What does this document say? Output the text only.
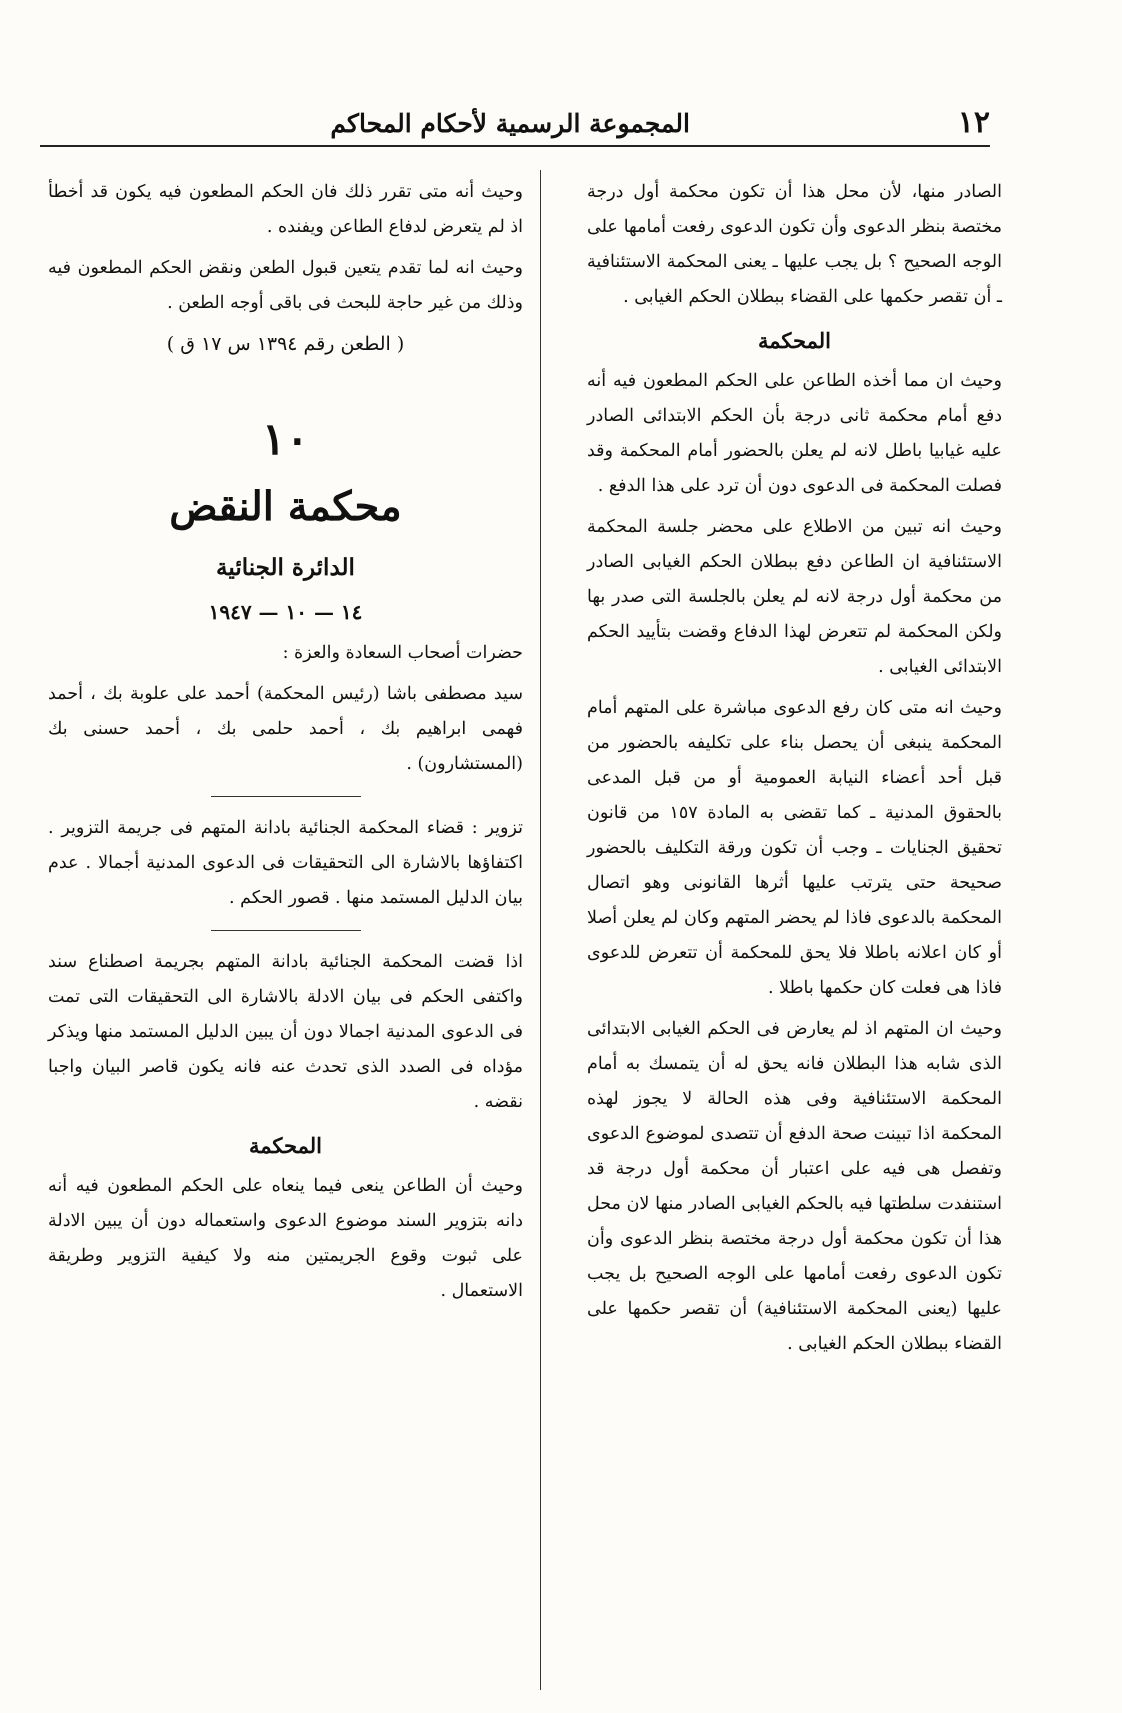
١٢
المجموعة الرسمية لأحكام المحاكم

الصادر منها، لأن محل هذا أن تكون محكمة أول درجة مختصة بنظر الدعوى وأن تكون الدعوى رفعت أمامها على الوجه الصحيح ؟ بل يجب عليها ـ يعنى المحكمة الاستئنافية ـ أن تقصر حكمها على القضاء ببطلان الحكم الغيابى .

المحكمة

وحيث ان مما أخذه الطاعن على الحكم المطعون فيه أنه دفع أمام محكمة ثانى درجة بأن الحكم الابتدائى الصادر عليه غيابيا باطل لانه لم يعلن بالحضور أمام المحكمة وقد فصلت المحكمة فى الدعوى دون أن ترد على هذا الدفع .

وحيث انه تبين من الاطلاع على محضر جلسة المحكمة الاستئنافية ان الطاعن دفع ببطلان الحكم الغيابى الصادر من محكمة أول درجة لانه لم يعلن بالجلسة التى صدر بها ولكن المحكمة لم تتعرض لهذا الدفاع وقضت بتأييد الحكم الابتدائى الغيابى .

وحيث انه متى كان رفع الدعوى مباشرة على المتهم أمام المحكمة ينبغى أن يحصل بناء على تكليفه بالحضور من قبل أحد أعضاء النيابة العمومية أو من قبل المدعى بالحقوق المدنية ـ كما تقضى به المادة ١٥٧ من قانون تحقيق الجنايات ـ وجب أن تكون ورقة التكليف بالحضور صحيحة حتى يترتب عليها أثرها القانونى وهو اتصال المحكمة بالدعوى فاذا لم يحضر المتهم وكان لم يعلن أصلا أو كان اعلانه باطلا فلا يحق للمحكمة أن تتعرض للدعوى فاذا هى فعلت كان حكمها باطلا .

وحيث ان المتهم اذ لم يعارض فى الحكم الغيابى الابتدائى الذى شابه هذا البطلان فانه يحق له أن يتمسك به أمام المحكمة الاستئنافية وفى هذه الحالة لا يجوز لهذه المحكمة اذا تبينت صحة الدفع أن تتصدى لموضوع الدعوى وتفصل هى فيه على اعتبار أن محكمة أول درجة قد استنفدت سلطتها فيه بالحكم الغيابى الصادر منها لان محل هذا أن تكون محكمة أول درجة مختصة بنظر الدعوى وأن تكون الدعوى رفعت أمامها على الوجه الصحيح بل يجب عليها (يعنى المحكمة الاستئنافية) أن تقصر حكمها على القضاء ببطلان الحكم الغيابى .

وحيث أنه متى تقرر ذلك فان الحكم المطعون فيه يكون قد أخطأ اذ لم يتعرض لدفاع الطاعن ويفنده .

وحيث انه لما تقدم يتعين قبول الطعن ونقض الحكم المطعون فيه وذلك من غير حاجة للبحث فى باقى أوجه الطعن .

( الطعن رقم ١٣٩٤ س ١٧ ق )

١٠

محكمة النقض

الدائرة الجنائية

١٤ — ١٠ — ١٩٤٧

حضرات أصحاب السعادة والعزة :

سيد مصطفى باشا (رئيس المحكمة) أحمد على علوبة بك ، أحمد فهمى ابراهيم بك ، أحمد حلمى بك ، أحمد حسنى بك (المستشارون) .

تزوير : قضاء المحكمة الجنائية بادانة المتهم فى جريمة التزوير . اكتفاؤها بالاشارة الى التحقيقات فى الدعوى المدنية أجمالا . عدم بيان الدليل المستمد منها . قصور الحكم .

اذا قضت المحكمة الجنائية بادانة المتهم بجريمة اصطناع سند واكتفى الحكم فى بيان الادلة بالاشارة الى التحقيقات التى تمت فى الدعوى المدنية اجمالا دون أن يبين الدليل المستمد منها ويذكر مؤداه فى الصدد الذى تحدث عنه فانه يكون قاصر البيان واجبا نقضه .

المحكمة

وحيث أن الطاعن ينعى فيما ينعاه على الحكم المطعون فيه أنه دانه بتزوير السند موضوع الدعوى واستعماله دون أن يبين الادلة على ثبوت وقوع الجريمتين منه ولا كيفية التزوير وطريقة الاستعمال .
